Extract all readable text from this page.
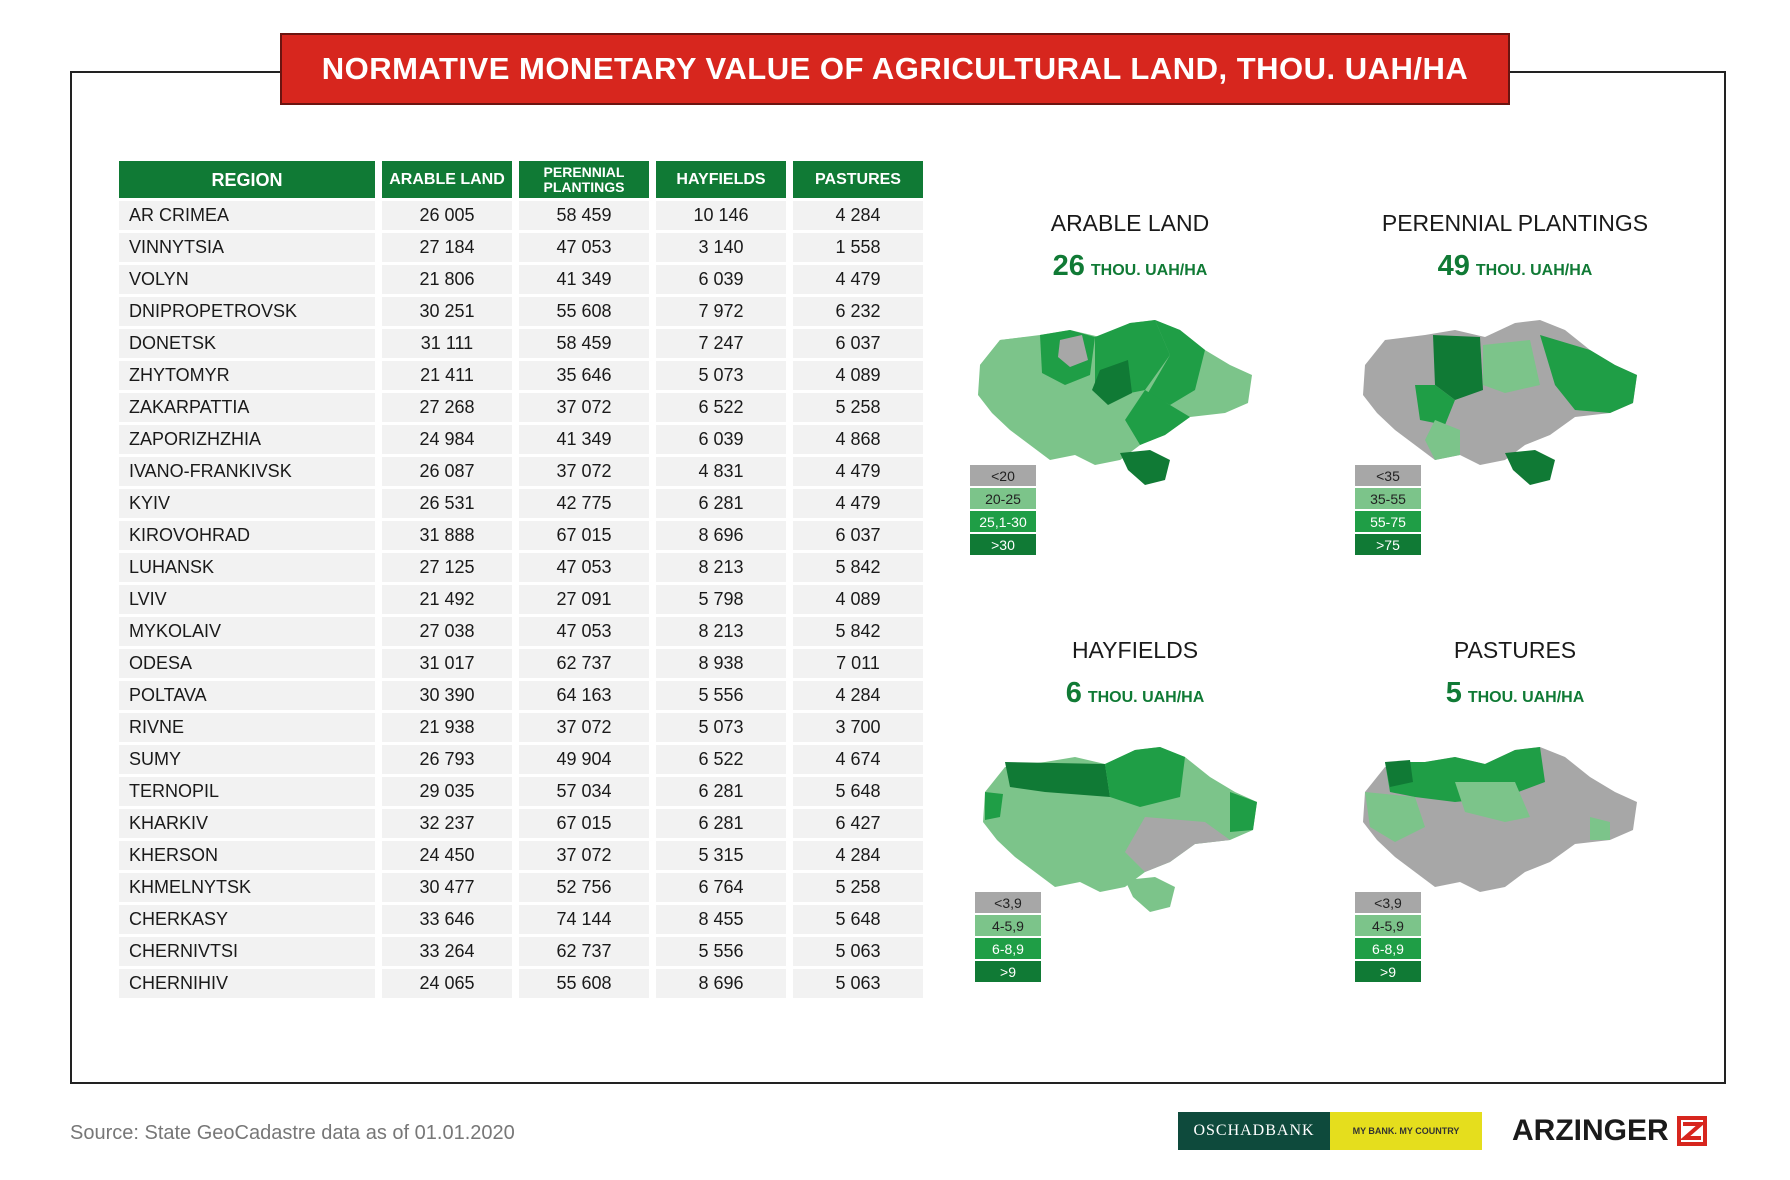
NORMATIVE MONETARY VALUE OF AGRICULTURAL LAND, THOU. UAH/HA
REGION	ARABLE LAND	PERENNIAL PLANTINGS	HAYFIELDS	PASTURES
AR CRIMEA	26 005	58 459	10 146	4 284
VINNYTSIA	27 184	47 053	3 140	1 558
VOLYN	21 806	41 349	6 039	4 479
DNIPROPETROVSK	30 251	55 608	7 972	6 232
DONETSK	31 111	58 459	7 247	6 037
ZHYTOMYR	21 411	35 646	5 073	4 089
ZAKARPATTIA	27 268	37 072	6 522	5 258
ZAPORIZHZHIA	24 984	41 349	6 039	4 868
IVANO-FRANKIVSK	26 087	37 072	4 831	4 479
KYIV	26 531	42 775	6 281	4 479
KIROVOHRAD	31 888	67 015	8 696	6 037
LUHANSK	27 125	47 053	8 213	5 842
LVIV	21 492	27 091	5 798	4 089
MYKOLAIV	27 038	47 053	8 213	5 842
ODESA	31 017	62 737	8 938	7 011
POLTAVA	30 390	64 163	5 556	4 284
RIVNE	21 938	37 072	5 073	3 700
SUMY	26 793	49 904	6 522	4 674
TERNOPIL	29 035	57 034	6 281	5 648
KHARKIV	32 237	67 015	6 281	6 427
KHERSON	24 450	37 072	5 315	4 284
KHMELNYTSK	30 477	52 756	6 764	5 258
CHERKASY	33 646	74 144	8 455	5 648
CHERNIVTSI	33 264	62 737	5 556	5 063
CHERNIHIV	24 065	55 608	8 696	5 063
ARABLE LAND
26 THOU. UAH/HA
<20
20-25
25,1-30
>30
PERENNIAL PLANTINGS
49 THOU. UAH/HA
<35
35-55
55-75
>75
HAYFIELDS
6 THOU. UAH/HA
<3,9
4-5,9
6-8,9
>9
PASTURES
5 THOU. UAH/HA
<3,9
4-5,9
6-8,9
>9
Source: State GeoCadastre data as of 01.01.2020	OSCHADBANK	MY BANK. MY COUNTRY	ARZINGER
